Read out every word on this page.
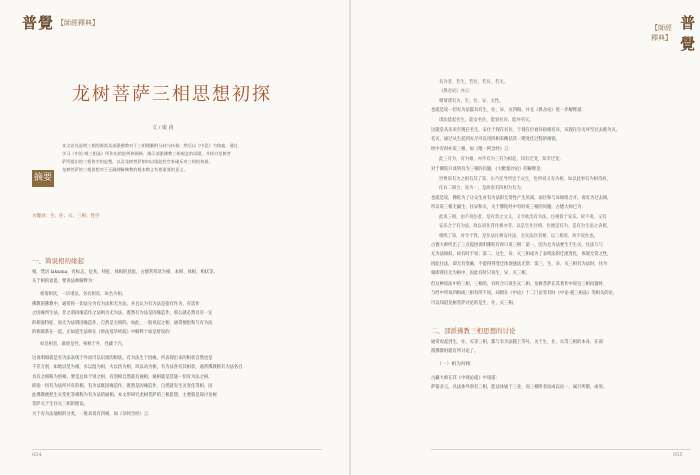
普覺 【師經釋典】
龙树菩萨三相思想初探
文 / 康 涛
摘要
本文首先说明三相的源流及部派佛教对于三相理解的分歧与执着。然后以《中论》为线索，通过
学习《中论·观三相品》所作出的批判和阐释，揭示部派佛教三相观念的局限，并探讨龙树菩
萨所提出的三相皆空的思想，以及龙树菩萨如何以缘起性空来破斥对三相的执着。
龙树菩萨的三相思想对于正确理解佛教的根本教义有着重要的意义。
关键词：生；住；灭；三相；性空
一、简说相的缘起
相，梵语 lakṣaṇa，有标志、征兆、特征、体相的意思，古德常常译为相、本相、体相、相状等。
关于相的意思，要说法师解释为：
相谓相状，一切诸法，各有相状，故名为相。
佛教的佛教中，通常将一切法分为有为法和无为法，并且认为有为法是指有作为、有造作
之因缘所生法，非之谓因缘造作之法则为无为法。既然有为法是因缘造作，那么就必然具有一定
的相貌特征，而无为法谓因缘造作，自然是无相的。如此，一般说起之相，通常便指和与有为法
的相联系在一起。正如道生法师在《妙法莲华经疏》中解释十如是时说的：
如是相者，做使是性，相相于外，性藏于内。
这说明相就是有为法表现于外而可以识别的相状。有为法生于因缘，所表现出来的相状自然也是
千差万别，如地以坚为相，水以湿为相，火以热为相，风以动为相，有为法各有其相状，通常佛教称有为法各自
具有之相称为别相，要是总体个别之相，有别相自然就有通相，通相就是贯通一切有为法之相，
即指一切有为法所共有的相。有为法既因缘造作，既然是因缘造作，自然就有生灭变化等相，因
此佛教便把生灭变化等相称为有为法的通相。本文所研究龙树菩萨的三相思想，主要就是探讨龙树
菩萨关于生住灭三相的理论。
关于有为法通相的分类，一般来说有四相，如《杂阿含经》云：
054
【師經釋典】
普覺
有为者，若生、若住、若异、若灭。
《俱舍论》亦云：
相谓诸有为，生、住、异、灭性。
也就是说一切有为法都具有生、住、异、灭四相。并且《俱舍论》进一步解释道：
诸法能起名生，能安名住，能衰名异，能坏名灭。
这就是从未来至现在名生，安住于现在名住，于现在位衰异损相名异，从现在位灭坏至过去称为灭。
名灭，通过从生起到灭尽可以用四相来概括其一期变化过程的相貌。
经中有时亦说三相，如《增一阿含经》云：
此三有为，有为相，亦作有为三有为相起，知有迁变，知非迁变。
对于佛陀只谈到有为三相的问题，《大毗婆沙论》的解释是：
世尊说有为之相有其了知，尔乃化导所宜于众生，色所说又有为相，如以此事有为相待故，
住异二相合，说为一，是故说有四相为有为。
也就是说，佛陀为了让众生对有为法的无常性产生厌离，而住和与异相组合开，说有为过去相，
所以说三相无漏生、住异和灭，关于佛陀经中有时说三相的问题，古德大师已为：
此说三相，由不说住者，是有余之文义，又令欲出有为法，住相似于安乐，故不说。又有
安乐合于有为法，故以说住者住相亦非，以是生住住相，住便是有为，是有为生法之表相，
相续了知，对令于我，是住法住相安住法，无实法住者相，以三相说，故不说住也。
古德大师所出了三点提因说明佛陀有时只说三相：第一，因为无为法要生不生灭，住法与与
无为法相似，故有时不说；第二，这生、异、灭三相成为了表明法的迁流变化，体现无常之性，
因此住法，即无有变确，不能得到变迁体现速法无常；第三，生、异、灭三相有为法时，住为
相即我住无为相中，因此有时只说生、异、灭三相。
但这种说法中的三相，三相的，有时合只说生灭二相。龙树菩萨在其著作中说这三相问题时，
与经中所说四相或三相有所不同，却摄在《中论》十二门论等有时《中论·观三相品》等相关的论，
可以知道龙树菩萨讨论的是生、住、灭三相。
二、部派佛教三相思想的讨论
通常说起到生、住、灭等三相，都与有为法随上等号，关于生、住、灭等三相的本身，在部
派佛教时就有所讨论了。
（一）相为何相
古藏大师在其《中观论疏》中谈道：
萨婆多云，具法体外别有三相，能法体通于三业，而三相附者而成以论一，属行所摄，或男。
055
